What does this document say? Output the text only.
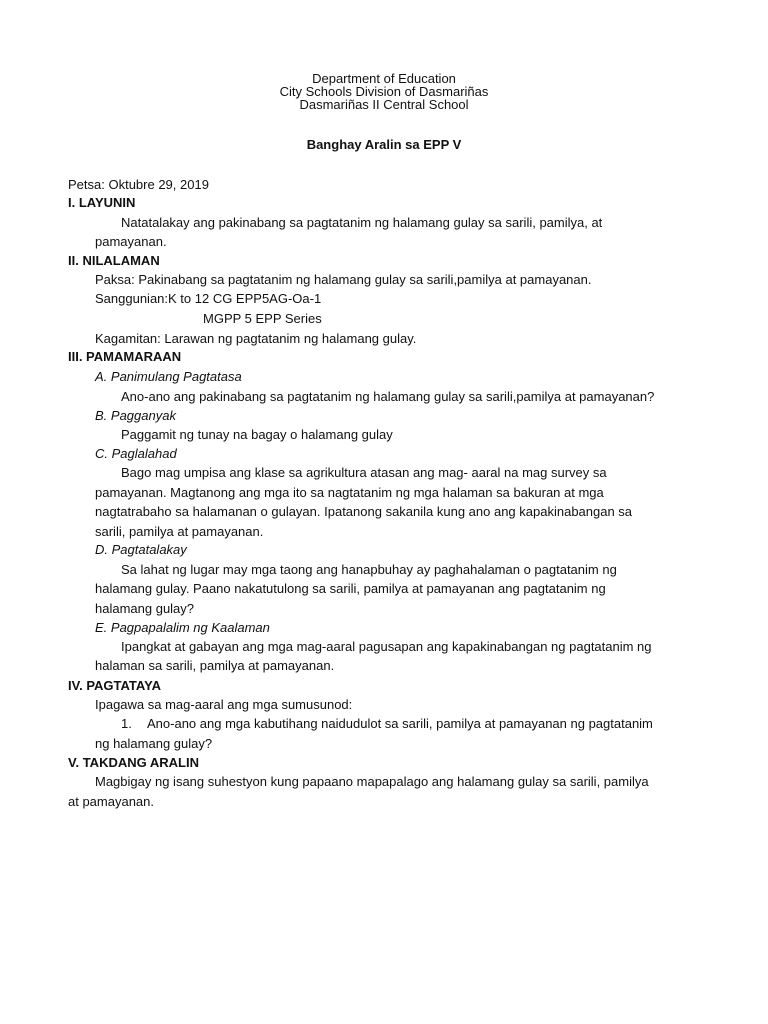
Department of Education
City Schools Division of Dasmariñas
Dasmariñas II Central School
Banghay Aralin sa EPP V
Petsa: Oktubre 29, 2019
I. LAYUNIN
Natatalakay ang pakinabang sa pagtatanim ng halamang gulay sa sarili, pamilya, at
pamayanan.
II. NILALAMAN
Paksa: Pakinabang sa pagtatanim ng halamang gulay sa sarili,pamilya at pamayanan.
Sanggunian:K to 12 CG EPP5AG-Oa-1
MGPP 5 EPP Series
Kagamitan: Larawan ng pagtatanim ng halamang gulay.
III. PAMAMARAAN
A. Panimulang Pagtatasa
Ano-ano ang pakinabang sa pagtatanim ng halamang gulay sa sarili,pamilya at pamayanan?
B. Pagganyak
Paggamit ng tunay na bagay o halamang gulay
C. Paglalahad
Bago mag umpisa ang klase sa agrikultura atasan ang mag- aaral na mag survey sa
pamayanan. Magtanong ang mga ito sa nagtatanim ng mga halaman sa bakuran at mga
nagtatrabaho sa halamanan o gulayan. Ipatanong sakanila kung ano ang kapakinabangan sa
sarili, pamilya at pamayanan.
D. Pagtatalakay
Sa lahat ng lugar may mga taong ang hanapbuhay ay paghahalaman o pagtatanim ng
halamang gulay. Paano nakatutulong sa sarili, pamilya at pamayanan ang pagtatanim ng
halamang gulay?
E. Pagpapalalim ng Kaalaman
Ipangkat at gabayan ang mga mag-aaral pagusapan ang kapakinabangan ng pagtatanim ng
halaman sa sarili, pamilya at pamayanan.
IV. PAGTATAYA
Ipagawa sa mag-aaral ang mga sumusunod:
1. Ano-ano ang mga kabutihang naidudulot sa sarili, pamilya at pamayanan ng pagtatanim
ng halamang gulay?
V. TAKDANG ARALIN
Magbigay ng isang suhestyon kung papaano mapapalago ang halamang gulay sa sarili, pamilya
at pamayanan.
